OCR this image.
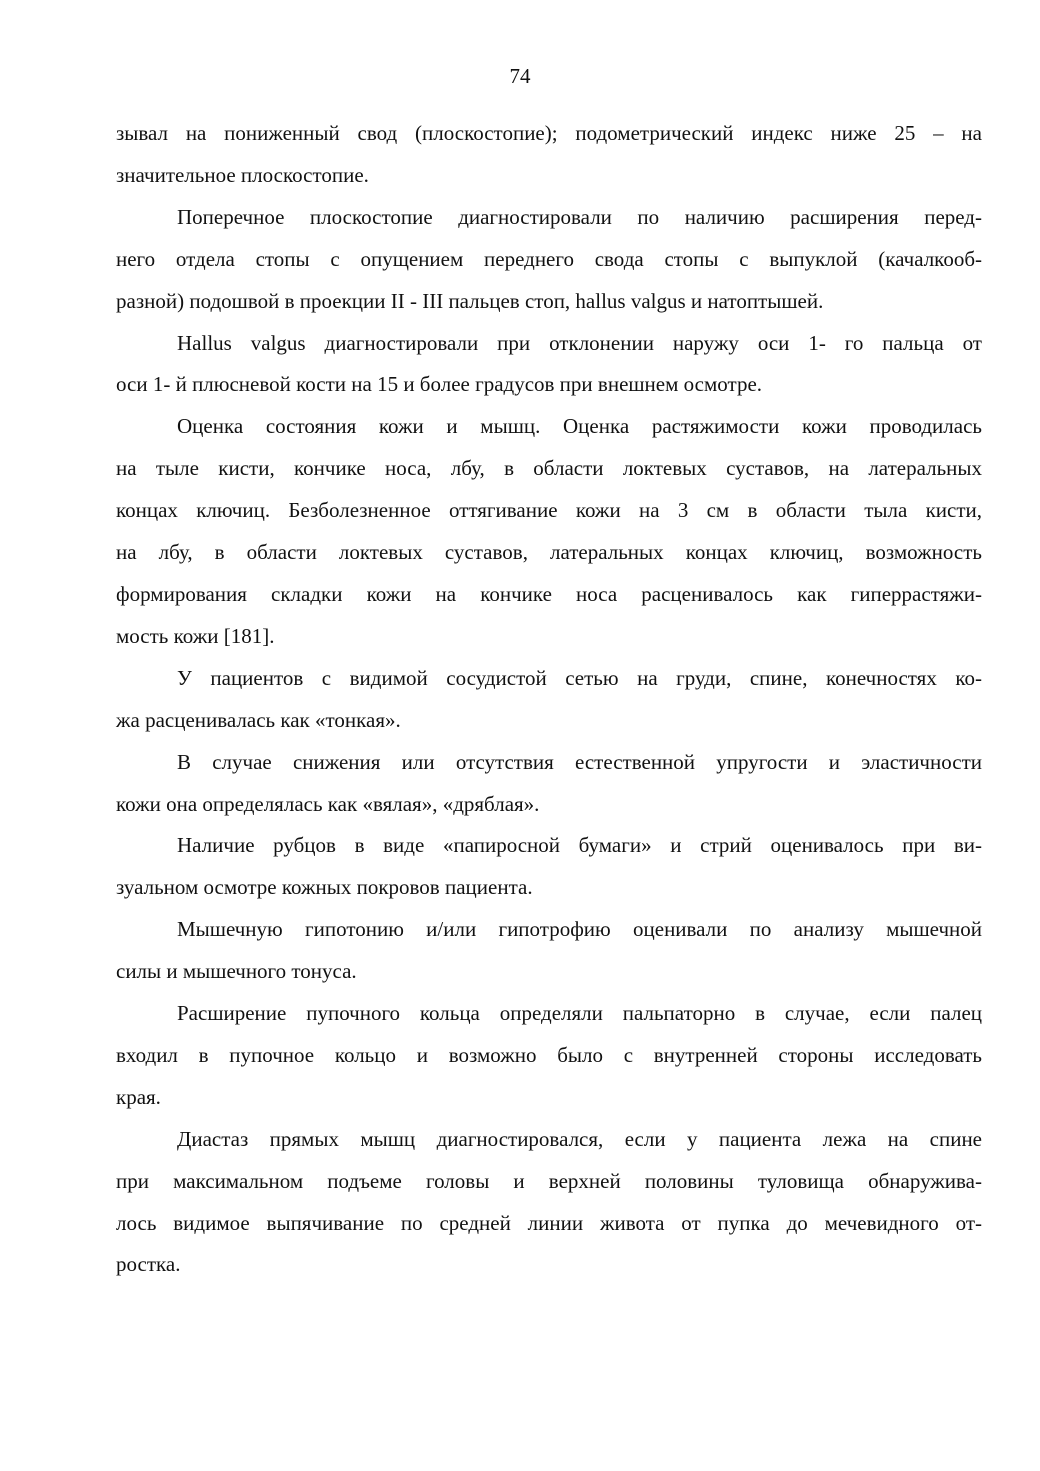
74

зывал на пониженный свод (плоскостопие); подометрический индекс ниже 25 – на
значительное плоскостопие.

Поперечное плоскостопие диагностировали по наличию расширения перед-
него отдела стопы с опущением переднего свода стопы с выпуклой (качалкооб-
разной) подошвой в проекции II - III пальцев стоп, hallus valgus и натоптышей.

Hallus valgus диагностировали при отклонении наружу оси 1- го пальца от
оси 1- й плюсневой кости на 15 и более градусов при внешнем осмотре.

Оценка состояния кожи и мышц. Оценка растяжимости кожи проводилась
на тыле кисти, кончике носа, лбу, в области локтевых суставов, на латеральных
концах ключиц. Безболезненное оттягивание кожи на 3 см в области тыла кисти,
на лбу, в области локтевых суставов, латеральных концах ключиц, возможность
формирования складки кожи на кончике носа расценивалось как гиперрастяжи-
мость кожи [181].

У пациентов с видимой сосудистой сетью на груди, спине, конечностях ко-
жа расценивалась как «тонкая».

В случае снижения или отсутствия естественной упругости и эластичности
кожи она определялась как «вялая», «дряблая».

Наличие рубцов в виде «папиросной бумаги» и стрий оценивалось при ви-
зуальном осмотре кожных покровов пациента.

Мышечную гипотонию и/или гипотрофию оценивали по анализу мышечной
силы и мышечного тонуса.

Расширение пупочного кольца определяли пальпаторно в случае, если палец
входил в пупочное кольцо и возможно было с внутренней стороны исследовать
края.

Диастаз прямых мышц диагностировался, если у пациента лежа на спине
при максимальном подъеме головы и верхней половины туловища обнаружива-
лось видимое выпячивание по средней линии живота от пупка до мечевидного от-
ростка.
